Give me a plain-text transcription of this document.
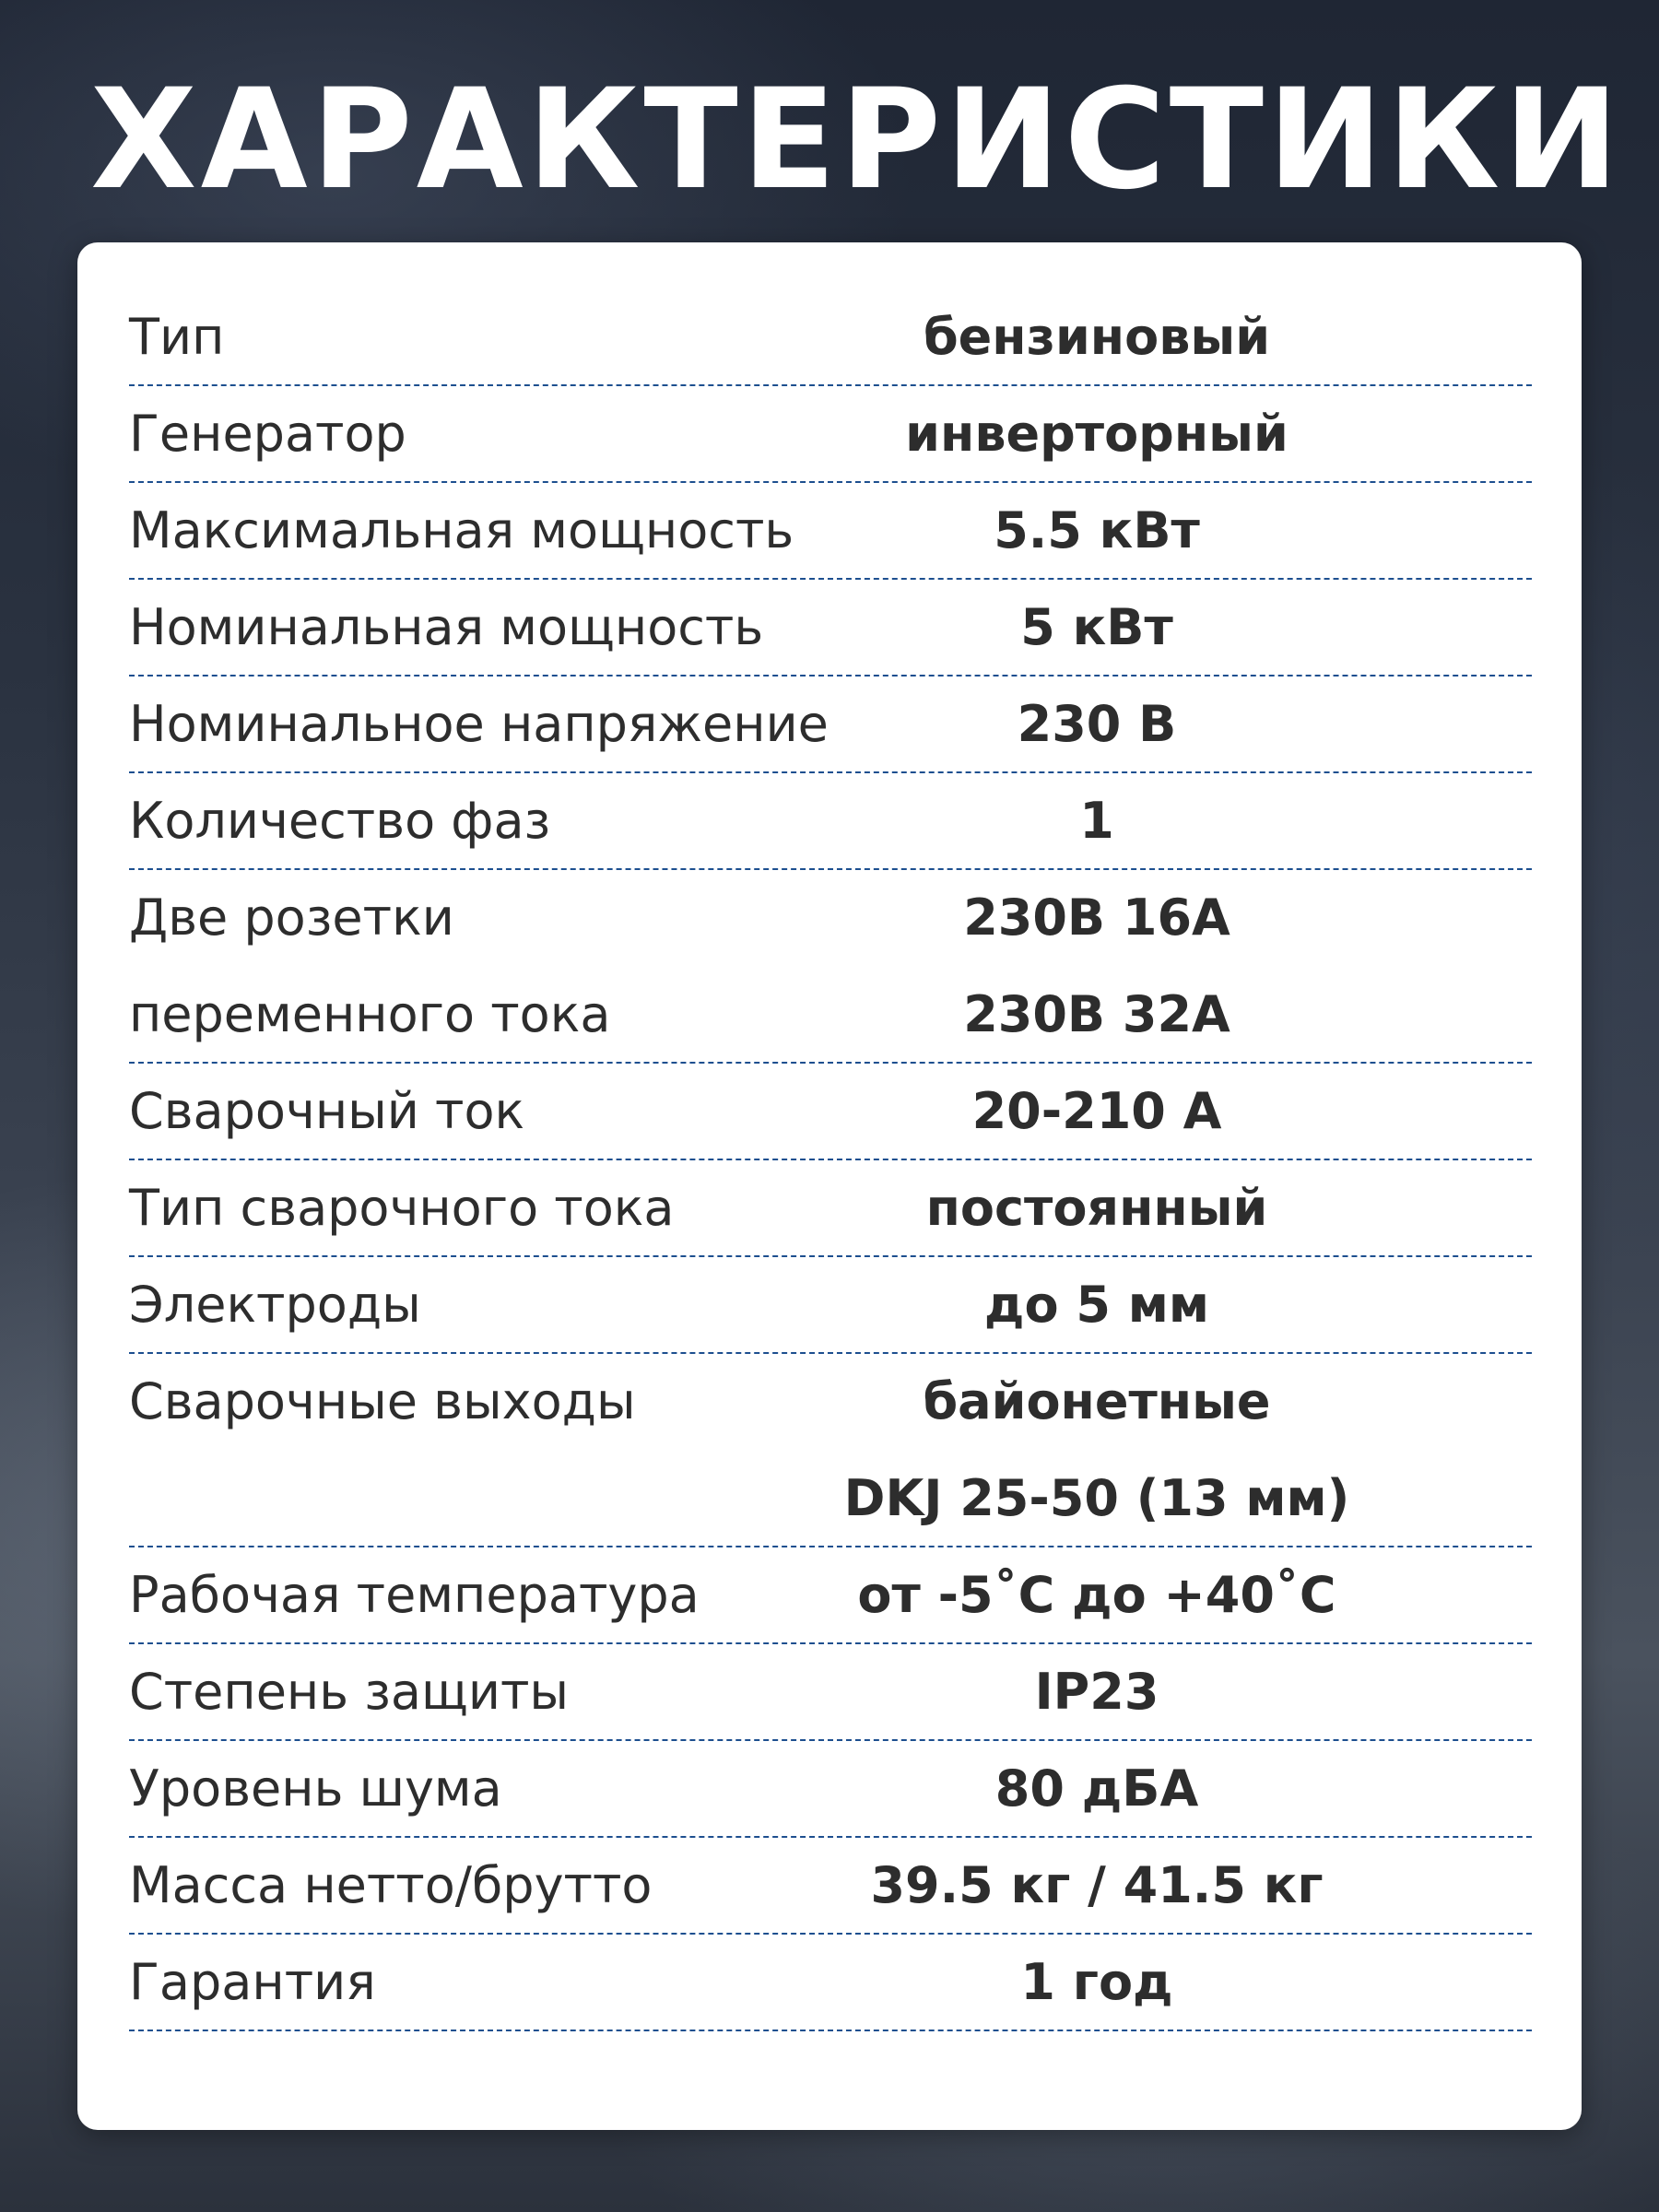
ХАРАКТЕРИСТИКИ
Тип	бензиновый
Генератор	инверторный
Максимальная мощность	5.5 кВт
Номинальная мощность	5 кВт
Номинальное напряжение	230 В
Количество фаз	1
Две розетки	230В 16А
переменного тока	230В 32А
Сварочный ток	20-210 А
Тип сварочного тока	постоянный
Электроды	до 5 мм
Сварочные выходы	байонетные
DKJ 25-50 (13 мм)
Рабочая температура	от -5˚С до +40˚С
Степень защиты	IP23
Уровень шума	80 дБА
Масса нетто/брутто	39.5 кг / 41.5 кг
Гарантия	1 год
